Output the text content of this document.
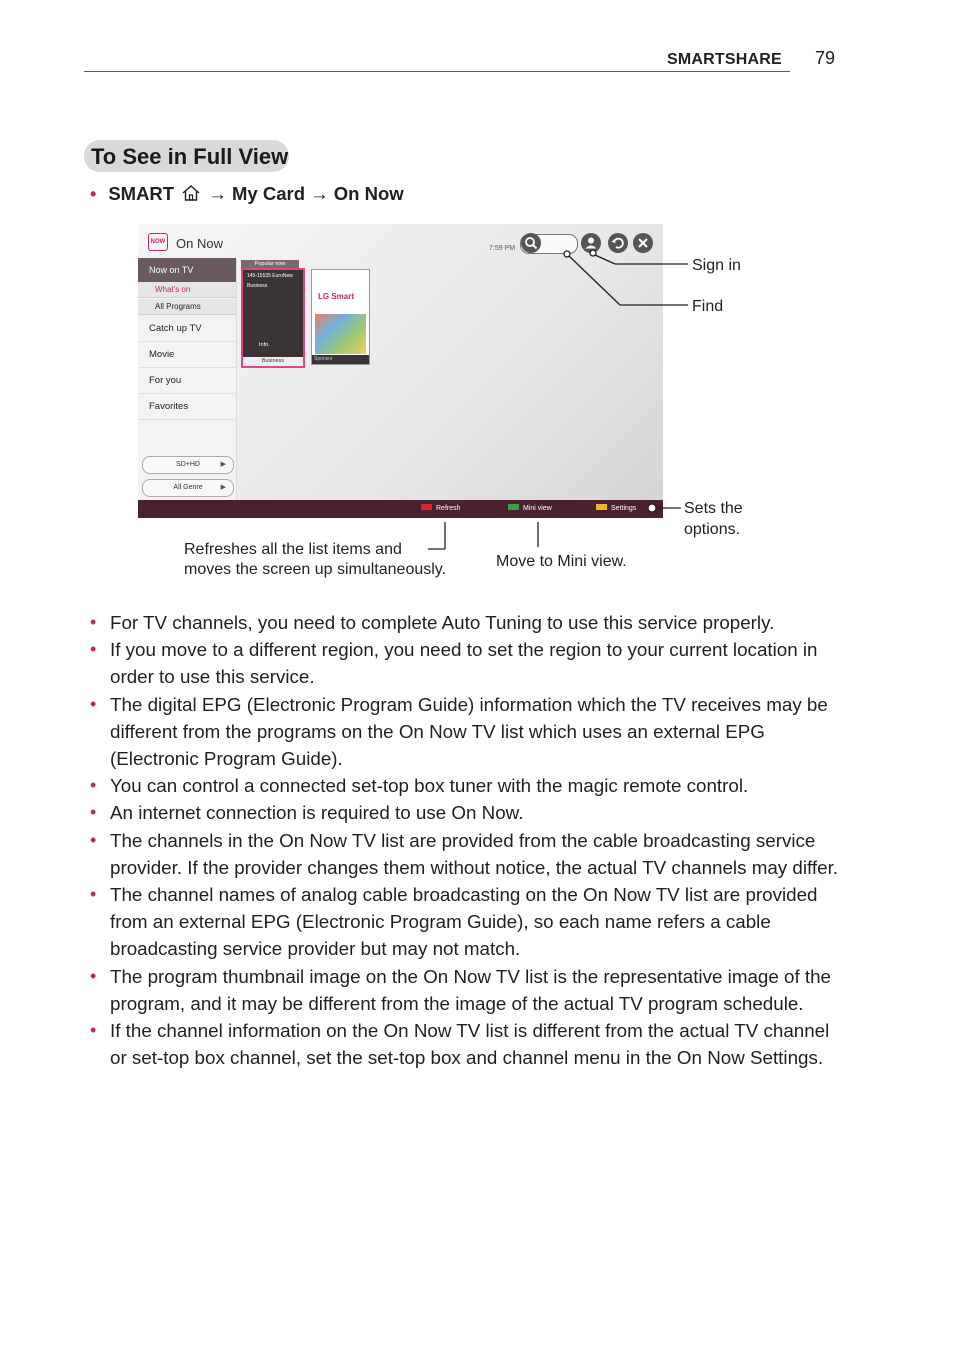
SMARTSHARE 79
To See in Full View
• SMART → My Card → On Now
NOW On Now	7:59 PM
Now on TV
What's on
All Programs
Catch up TV
Movie
For you
Favorites
SD+HD	▶
All Genre	▶
Popular now
145-15535 EuroNew
Business
Info.
Business
LG Smart
Sponsor
Refresh	Mini view	Settings
Sign in
Find
Sets the
options.
Refreshes all the list items and
moves the screen up simultaneously.	Move to Mini view.
• For TV channels, you need to complete Auto Tuning to use this service properly.
• If you move to a different region, you need to set the region to your current location in order to use this service.
• The digital EPG (Electronic Program Guide) information which the TV receives may be different from the programs on the On Now TV list which uses an external EPG (Electronic Program Guide).
• You can control a connected set-top box tuner with the magic remote control.
• An internet connection is required to use On Now.
• The channels in the On Now TV list are provided from the cable broadcasting service provider. If the provider changes them without notice, the actual TV channels may differ.
• The channel names of analog cable broadcasting on the On Now TV list are provided from an external EPG (Electronic Program Guide), so each name refers a cable broadcasting service provider but may not match.
• The program thumbnail image on the On Now TV list is the representative image of the program, and it may be different from the image of the actual TV program schedule.
• If the channel information on the On Now TV list is different from the actual TV channel or set-top box channel, set the set-top box and channel menu in the On Now Settings.
